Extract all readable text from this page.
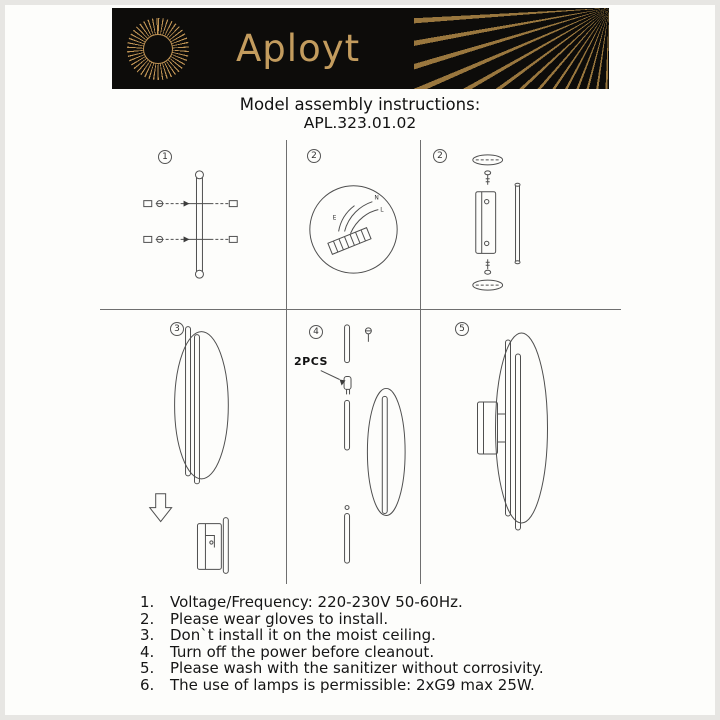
Aployt
Model assembly instructions:
APL.323.01.02
1	2
N
L
E
2
3	4
2PCS
5
1.	Voltage/Frequency: 220-230V 50-60Hz.
2.	Please wear gloves to install.
3.	Don`t install it on the moist ceiling.
4.	Turn off the power before cleanout.
5.	Please wash with the sanitizer without corrosivity.
6.	The use of lamps is permissible: 2xG9 max 25W.
